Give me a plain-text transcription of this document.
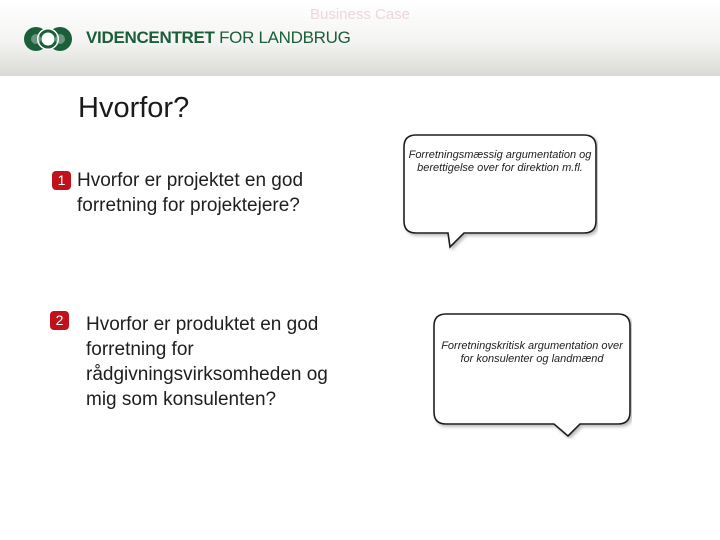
Business Case
VIDENCENTRET FOR LANDBRUG
Hvorfor?
1 Hvorfor er projektet en god forretning for projektejere?
2 Hvorfor er produktet en god forretning for rådgivningsvirksomheden og mig som konsulenten?
Forretningsmæssig argumentation og berettigelse over for direktion m.fl.
Forretningskritisk argumentation over for konsulenter og landmænd
